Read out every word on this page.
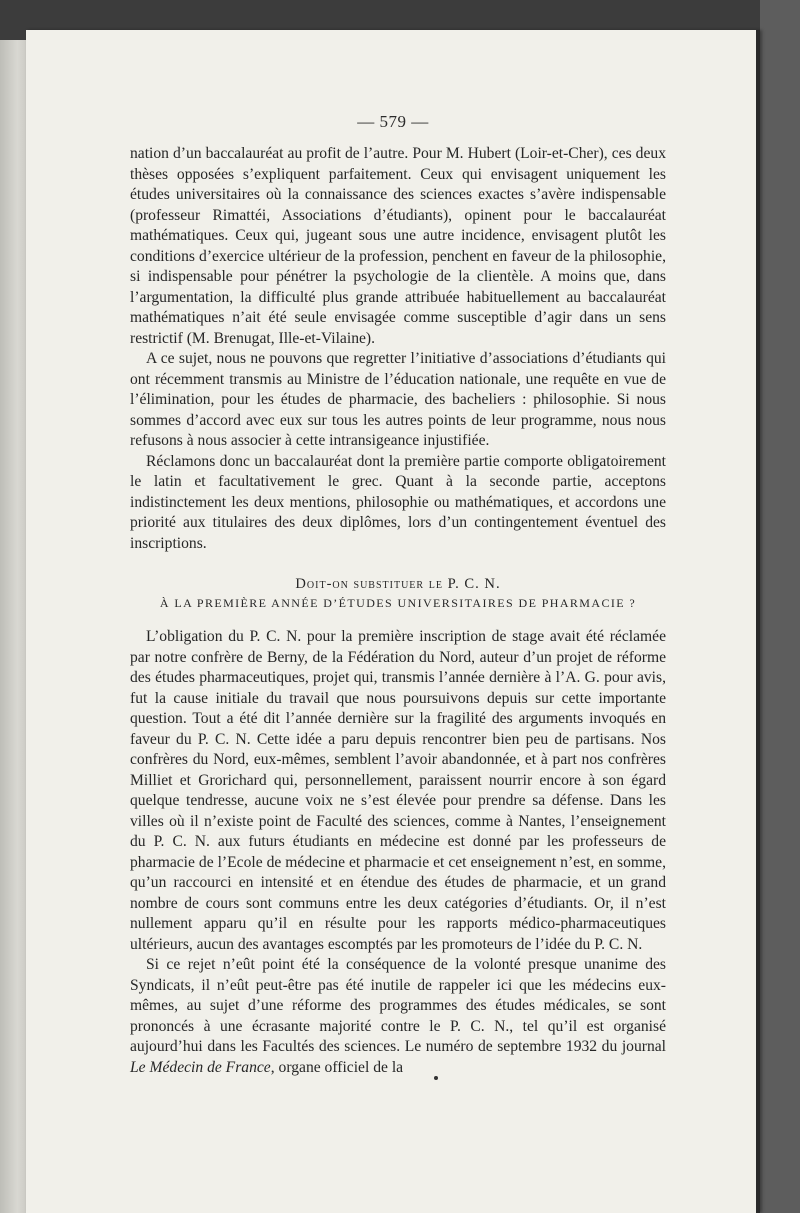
— 579 —

nation d’un baccalauréat au profit de l’autre. Pour M. Hubert (Loir-et-Cher), ces deux thèses opposées s’expliquent parfaitement. Ceux qui envisagent uniquement les études universitaires où la connaissance des sciences exactes s’avère indispensable (professeur Rimattéi, Associations d’étudiants), opinent pour le baccalauréat mathématiques. Ceux qui, jugeant sous une autre incidence, envisagent plutôt les conditions d’exercice ultérieur de la profession, penchent en faveur de la philosophie, si indispensable pour pénétrer la psychologie de la clientèle. A moins que, dans l’argumentation, la difficulté plus grande attribuée habituellement au baccalauréat mathématiques n’ait été seule envisagée comme susceptible d’agir dans un sens restrictif (M. Brenugat, Ille-et-Vilaine).

A ce sujet, nous ne pouvons que regretter l’initiative d’associations d’étudiants qui ont récemment transmis au Ministre de l’éducation nationale, une requête en vue de l’élimination, pour les études de pharmacie, des bacheliers : philosophie. Si nous sommes d’accord avec eux sur tous les autres points de leur programme, nous nous refusons à nous associer à cette intransigeance injustifiée.

Réclamons donc un baccalauréat dont la première partie comporte obligatoirement le latin et facultativement le grec. Quant à la seconde partie, acceptons indistinctement les deux mentions, philosophie ou mathématiques, et accordons une priorité aux titulaires des deux diplômes, lors d’un contingentement éventuel des inscriptions.

Doit-on substituer le P. C. N.
À LA PREMIÈRE ANNÉE D’ÉTUDES UNIVERSITAIRES DE PHARMACIE ?

L’obligation du P. C. N. pour la première inscription de stage avait été réclamée par notre confrère de Berny, de la Fédération du Nord, auteur d’un projet de réforme des études pharmaceutiques, projet qui, transmis l’année dernière à l’A. G. pour avis, fut la cause initiale du travail que nous poursuivons depuis sur cette importante question. Tout a été dit l’année dernière sur la fragilité des arguments invoqués en faveur du P. C. N. Cette idée a paru depuis rencontrer bien peu de partisans. Nos confrères du Nord, eux-mêmes, semblent l’avoir abandonnée, et à part nos confrères Milliet et Grorichard qui, personnellement, paraissent nourrir encore à son égard quelque tendresse, aucune voix ne s’est élevée pour prendre sa défense. Dans les villes où il n’existe point de Faculté des sciences, comme à Nantes, l’enseignement du P. C. N. aux futurs étudiants en médecine est donné par les professeurs de pharmacie de l’Ecole de médecine et pharmacie et cet enseignement n’est, en somme, qu’un raccourci en intensité et en étendue des études de pharmacie, et un grand nombre de cours sont communs entre les deux catégories d’étudiants. Or, il n’est nullement apparu qu’il en résulte pour les rapports médico-pharmaceutiques ultérieurs, aucun des avantages escomptés par les promoteurs de l’idée du P. C. N.

Si ce rejet n’eût point été la conséquence de la volonté presque unanime des Syndicats, il n’eût peut-être pas été inutile de rappeler ici que les médecins eux-mêmes, au sujet d’une réforme des programmes des études médicales, se sont prononcés à une écrasante majorité contre le P. C. N., tel qu’il est organisé aujourd’hui dans les Facultés des sciences. Le numéro de septembre 1932 du journal Le Médecin de France, organe officiel de la
